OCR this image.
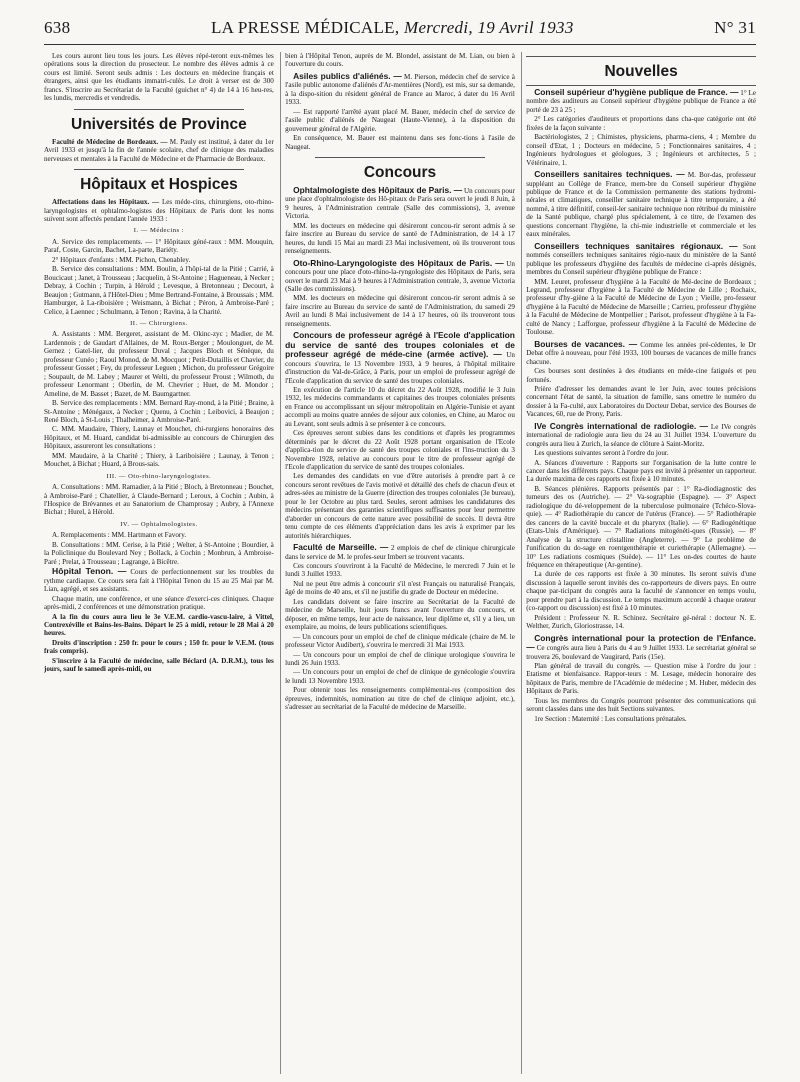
638	LA PRESSE MÉDICALE, Mercredi, 19 Avril 1933	N° 31

Les cours auront lieu tous les jours. Les élèves répé-teront eux-mêmes les opérations sous la direction du prosecteur. Le nombre des élèves admis à ce cours est limité. Seront seuls admis : Les docteurs en médecine français et étrangers, ainsi que les étudiants immatri-culés. Le droit à verser est de 300 francs. S'inscrire au Secrétariat de la Faculté (guichet n° 4) de 14 à 16 heu-res, les lundis, mercredis et vendredis.

Universités de Province

Faculté de Médecine de Bordeaux. — M. Pauly est institué, à dater du 1er Avril 1933 et jusqu'à la fin de l'année scolaire, chef de clinique des maladies nerveuses et mentales à la Faculté de Médecine et de Pharmacie de Bordeaux.

Hôpitaux et Hospices

Affectations dans les Hôpitaux. — Les méde-cins, chirurgiens, oto-rhino-laryngologistes et ophtalmo-logistes des Hôpitaux de Paris dont les noms suivent sont affectés pendant l'année 1933 :

I. — Médecins :

A. Service des remplacements. — 1° Hôpitaux géné-raux : MM. Mouquin, Paraf, Coste, Garcin, Bachet, La-parte, Bariéty.

2° Hôpitaux d'enfants : MM. Pichon, Chenabley.

B. Service des consultations : MM. Boulin, à l'hôpi-tal de la Pitié ; Carrié, à Boucicaut ; Janet, à Trousseau ; Jacquelin, à St-Antoine ; Hagueneau, à Necker ; Debray, à Cochin ; Turpin, à Hérold ; Levesque, à Bretonneau ; Decourt, à Beaujon ; Gutmann, à l'Hôtel-Dieu ; Mme Bertrand-Fontaine, à Broussais ; MM. Hamburger, à La-riboisière ; Weismann, à Bichat ; Péron, à Ambroise-Paré ; Celice, à Laennec ; Schulmann, à Tenon ; Ravina, à la Charité.

II. — Chirurgiens.

A. Assistants : MM. Bergeret, assistant de M. Okinc-zyc ; Madier, de M. Lardennois ; de Gaudart d'Allaines, de M. Roux-Berger ; Moulonguet, de M. Gernez ; Gatel-lier, du professeur Duval ; Jacques Bloch et Sénèque, du professeur Cunéo ; Raoul Monod, de M. Mocquot ; Petit-Dutaillis et Chavier, du professeur Gosset ; Fey, du professeur Leguen ; Michon, du professeur Grégoire ; Soupault, de M. Labey ; Maurer et Welti, du professeur Proust ; Wilmoth, du professeur Lenormant ; Oberlin, de M. Chevrier ; Huet, de M. Mondor ; Ameline, de M. Basset ; Bazet, de M. Baumgartner.

B. Service des remplacements : MM. Bernard Ray-mond, à la Pitié ; Braine, à St-Antoine ; Ménégaux, à Necker ; Quenu, à Cochin ; Leibovici, à Beaujon ; René Bloch, à St-Louis ; Thalheimer, à Ambroise-Paré.

C. MM. Maudaire, Thiery, Launay et Mouchet, chi-rurgiens honoraires des Hôpitaux, et M. Huard, candidat bi-admissible au concours de Chirurgien des Hôpitaux, assureront les consultations :

MM. Maudaire, à la Charité ; Thiery, à Lariboisière ; Launay, à Tenon ; Mouchet, à Bichat ; Huard, à Brous-sais.

III. — Oto-rhino-laryngologistes.

A. Consultations : MM. Ramadier, à la Pitié ; Bloch, à Bretonneau ; Bouchet, à Ambroise-Paré ; Chatellier, à Claude-Bernard ; Leroux, à Cochin ; Aubin, à l'Hospice de Brévannes et au Sanatorium de Champrosay ; Aubry, à l'Annexe Bichat ; Hurel, à Hérold.

IV. — Ophtalmologistes.

A. Remplacements : MM. Hartmann et Favory.

B. Consultations : MM. Cerise, à la Pitié ; Welter, à St-Antoine ; Bourdier, à la Policlinique du Boulevard Ney ; Bollack, à Cochin ; Monbrun, à Ambroise-Paré ; Prelat, à Trousseau ; Lagrange, à Bicêtre.

Hôpital Tenon. — Cours de perfectionnement sur les troubles du rythme cardiaque. Ce cours sera fait à l'Hôpital Tenon du 15 au 25 Mai par M. Lian, agrégé, et ses assistants.

Chaque matin, une conférence, et une séance d'exerci-ces cliniques. Chaque après-midi, 2 conférences et une démonstration pratique.

A la fin du cours aura lieu le 3e V.E.M. cardio-vascu-laire, à Vittel, Contrexéville et Bains-les-Bains. Départ le 25 à midi, retour le 28 Mai à 20 heures.

Droits d'inscription : 250 fr. pour le cours ; 150 fr. pour le V.E.M. (tous frais compris).

S'inscrire à la Faculté de médecine, salle Béclard (A. D.R.M.), tous les jours, sauf le samedi après-midi, ou

bien à l'Hôpital Tenon, auprès de M. Blondel, assistant de M. Lian, ou bien à l'ouverture du cours.

Asiles publics d'aliénés. — M. Pierson, médecin chef de service à l'asile public autonome d'aliénés d'Ar-mentières (Nord), est mis, sur sa demande, à la dispo-sition du résident général de France au Maroc, à dater du 16 Avril 1933.

— Est rapporté l'arrêté ayant placé M. Bauer, médecin chef de service de l'asile public d'aliénés de Naugeat (Haute-Vienne), à la disposition du gouverneur général de l'Algérie.

En conséquence, M. Bauer est maintenu dans ses fonc-tions à l'asile de Naugeat.

Concours

Ophtalmologiste des Hôpitaux de Paris. — Un concours pour une place d'ophtalmologiste des Hô-pitaux de Paris sera ouvert le jeudi 8 Juin, à 9 heures, à l'Administration centrale (Salle des commissions), 3, avenue Victoria.

MM. les docteurs en médecine qui désireront concou-rir seront admis à se faire inscrire au Bureau du service de santé de l'Administration, de 14 à 17 heures, du lundi 15 Mai au mardi 23 Mai inclusivement, où ils trouveront tous renseignements.

Oto-Rhino-Laryngologiste des Hôpitaux de Paris. — Un concours pour une place d'oto-rhino-la-ryngologiste des Hôpitaux de Paris, sera ouvert le mardi 23 Mai à 9 heures à l'Administration centrale, 3, avenue Victoria (Salle des commissions).

MM. les docteurs en médecine qui désireront concou-rir seront admis à se faire inscrire au Bureau du service de santé de l'Administration, du samedi 29 Avril au lundi 8 Mai inclusivement de 14 à 17 heures, où ils trouveront tous renseignements.

Concours de professeur agrégé à l'Ecole d'application du service de santé des troupes coloniales et de professeur agrégé de méde-cine (armée active). — Un concours s'ouvrira, le 13 Novembre 1933, à 9 heures, à l'hôpital militaire d'instruction du Val-de-Grâce, à Paris, pour un emploi de professeur agrégé de l'Ecole d'application du service de santé des troupes coloniales.

En exécution de l'article 10 du décret du 22 Août 1928, modifié le 3 Juin 1932, les médecins commandants et capitaines des troupes coloniales présents en France ou accomplissant un séjour métropolitain en Algérie-Tunisie et ayant accompli au moins quatre années de séjour aux colonies, en Chine, au Maroc ou au Levant, sont seuls admis à se présenter à ce concours.

Ces épreuves seront subies dans les conditions et d'après les programmes déterminés par le décret du 22 Août 1928 portant organisation de l'Ecole d'applica-tion du service de santé des troupes coloniales et l'ins-truction du 3 Novembre 1928, relative au concours pour le titre de professeur agrégé de l'Ecole d'application du service de santé des troupes coloniales.

Les demandes des candidats en vue d'être autorisés à prendre part à ce concours seront revêtues de l'avis motivé et détaillé des chefs de chacun d'eux et adres-sées au ministre de la Guerre (direction des troupes coloniales (3e bureau), pour le 1er Octobre au plus tard. Seules, seront admises les candidatures des médecins présentant des garanties scientifiques suffisantes pour leur permettre d'aborder un concours de cette nature avec possibilité de succès. Il devra être tenu compte de ces éléments d'appréciation dans les avis à exprimer par les autorités hiérarchiques.

Faculté de Marseille. — 2 emplois de chef de clinique chirurgicale dans le service de M. le profes-seur Imbert se trouvent vacants.

Ces concours s'ouvriront à la Faculté de Médecine, le mercredi 7 Juin et le lundi 3 Juillet 1933.

Nul ne peut être admis à concourir s'il n'est Français ou naturalisé Français, âgé de moins de 40 ans, et s'il ne justifie du grade de Docteur en médecine.

Les candidats doivent se faire inscrire au Secrétariat de la Faculté de médecine de Marseille, huit jours francs avant l'ouverture du concours, et déposer, en même temps, leur acte de naissance, leur diplôme et, s'il y a lieu, un exemplaire, au moins, de leurs publications scientifiques.

— Un concours pour un emploi de chef de clinique médicale (chaire de M. le professeur Victor Audibert), s'ouvrira le mercredi 31 Mai 1933.

— Un concours pour un emploi de chef de clinique urologique s'ouvrira le lundi 26 Juin 1933.

— Un concours pour un emploi de chef de clinique de gynécologie s'ouvrira le lundi 13 Novembre 1933.

Pour obtenir tous les renseignements complémentai-res (composition des épreuves, indemnités, nomination au titre de chef de clinique adjoint, etc.), s'adresser au secrétariat de la Faculté de médecine de Marseille.

Nouvelles

Conseil supérieur d'hygiène publique de France. — 1° Le nombre des auditeurs au Conseil supérieur d'hygiène publique de France a été porté de 23 à 25 ;

2° Les catégories d'auditeurs et proportions dans cha-que catégorie ont été fixées de la façon suivante :

Bactériologistes, 2 ; Chimistes, physiciens, pharma-ciens, 4 ; Membre du conseil d'Etat, 1 ; Docteurs en médecine, 5 ; Fonctionnaires sanitaires, 4 ; Ingénieurs hydrologues et géologues, 3 ; Ingénieurs et architectes, 5 ; Vétérinaire, 1.

Conseillers sanitaires techniques. — M. Bor-das, professeur suppléant au Collège de France, mem-bre du Conseil supérieur d'hygiène publique de France et de la Commission permanente des stations hydromi-nérales et climatiques, conseiller sanitaire technique à titre temporaire, a été nommé, à titre définitif, conseil-ler sanitaire technique non rétribué du ministère de la Santé publique, chargé plus spécialement, à ce titre, de l'examen des questions concernant l'hygiène, la chi-mie industrielle et commerciale et les eaux minérales.

Conseillers techniques sanitaires régionaux. — Sont nommés conseillers techniques sanitaires régio-naux du ministère de la Santé publique les professeurs d'hygiène des facultés de médecine ci-après désignés, membres du Conseil supérieur d'hygiène publique de France :

MM. Leuret, professeur d'hygiène à la Faculté de Mé-decine de Bordeaux ; Legrand, professeur d'hygiène à la Faculté de Médecine de Lille ; Rochaix, professeur d'hy-giène à la Faculté de Médecine de Lyon ; Vieille, pro-fesseur d'hygiène à la Faculté de Médecine de Marseille ; Carrieu, professeur d'hygiène à la Faculté de Médecine de Montpellier ; Parisot, professeur d'hygiène à la Fa-culté de Nancy ; Lafforgue, professeur d'hygiène à la Faculté de Médecine de Toulouse.

Bourses de vacances. — Comme les années pré-cédentes, le Dr Debat offre à nouveau, pour l'été 1933, 100 bourses de vacances de mille francs chacune.

Ces bourses sont destinées à des étudiants en méde-cine fatigués et peu fortunés.

Prière d'adresser les demandes avant le 1er Juin, avec toutes précisions concernant l'état de santé, la situation de famille, sans omettre le numéro du dossier à la Fa-culté, aux Laboratoires du Docteur Debat, service des Bourses de Vacances, 60, rue de Prony, Paris.

IVe Congrès international de radiologie. — Le IVe congrès international de radiologie aura lieu du 24 au 31 Juillet 1934. L'ouverture du congrès aura lieu à Zurich, la séance de clôture à Saint-Moritz.

Les questions suivantes seront à l'ordre du jour.

A. Séances d'ouverture : Rapports sur l'organisation de la lutte contre le cancer dans les différents pays. Chaque pays est invité à présenter un rapporteur. La durée maxima de ces rapports est fixée à 10 minutes.

B. Séances plénières. Rapports présentés par : 1° Ra-diodiagnostic des tumeurs des os (Autriche). — 2° Va-sographie (Espagne). — 3° Aspect radiologique du dé-veloppement de la tuberculose pulmonaire (Tchéco-Slova-quie). — 4° Radiothérapie du cancer de l'utérus (France). — 5° Radiothérapie des cancers de la cavité buccale et du pharynx (Italie). — 6° Radiogénétique (Etats-Unis d'Amérique). — 7° Radiations mitogénéti-ques (Russie). — 8° Analyse de la structure cristalline (Angleterre). — 9° Le problème de l'unification du do-sage en roentgenthérapie et curiethérapie (Allemagne). — 10° Les radiations cosmiques (Suède). — 11° Les on-des courtes de haute fréquence en thérapeutique (Ar-gentine).

La durée de ces rapports est fixée à 30 minutes. Ils seront suivis d'une discussion à laquelle seront invités des co-rapporteurs de divers pays. En outre chaque par-ticipant du congrès aura la faculté de s'annoncer en temps voulu, pour prendre part à la discussion. Le temps maximum accordé à chaque orateur (co-rapport ou discussion) est fixé à 10 minutes.

Président : Professeur N. R. Schinez. Secrétaire gé-néral : docteur N. E. Welther, Zurich, Gloriostrasse, 14.

Congrès international pour la protection de l'Enfance. — Ce congrès aura lieu à Paris du 4 au 9 Juillet 1933. Le secrétariat général se trouvera 26, boulevard de Vaugirard, Paris (15e).

Plan général de travail du congrès. — Question mise à l'ordre du jour : Etatisme et bienfaisance. Rappor-teurs : M. Lesage, médecin honoraire des hôpitaux de Paris, membre de l'Académie de médecine ; M. Huber, médecin des Hôpitaux de Paris.

Tous les membres du Congrès pourront présenter des communications qui seront classées dans une des huit Sections suivantes.

1re Section : Maternité : Les consultations prénatales.
